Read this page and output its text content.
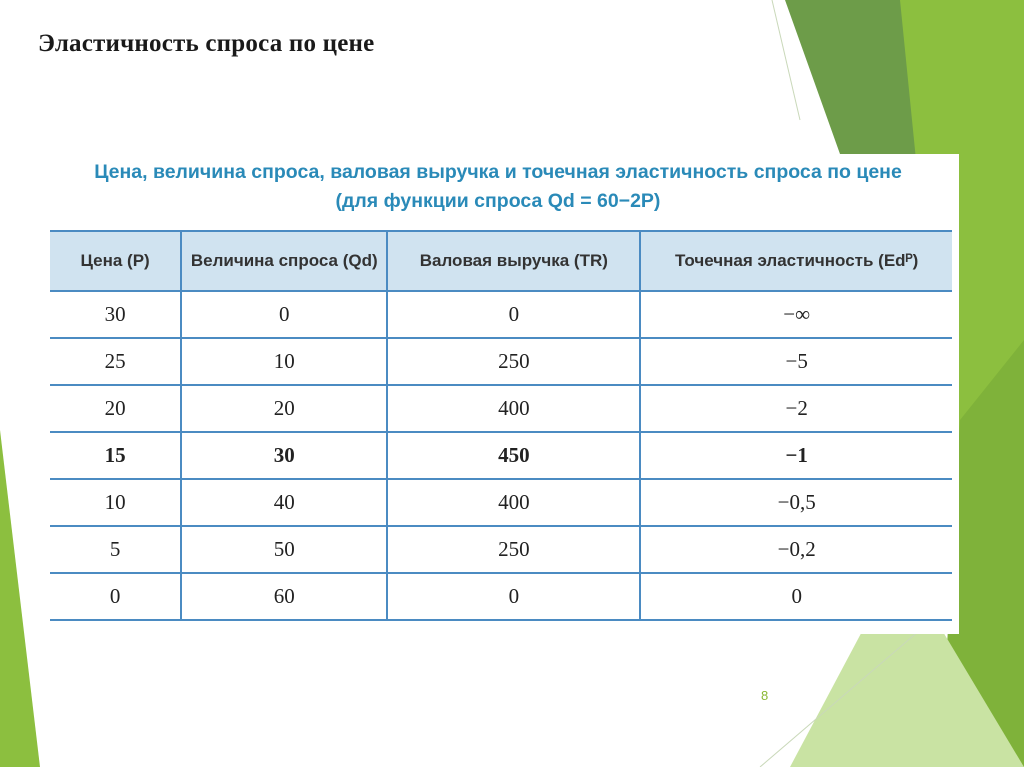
Эластичность спроса по цене
Цена, величина спроса, валовая выручка и точечная эластичность спроса по цене
(для функции спроса Qd = 60−2P)
Цена (P)	Величина спроса (Qd)	Валовая выручка (TR)	Точечная эластичность (Edᴾ)
30	0	0	−∞
25	10	250	−5
20	20	400	−2
15	30	450	−1
10	40	400	−0,5
5	50	250	−0,2
0	60	0	0
8
